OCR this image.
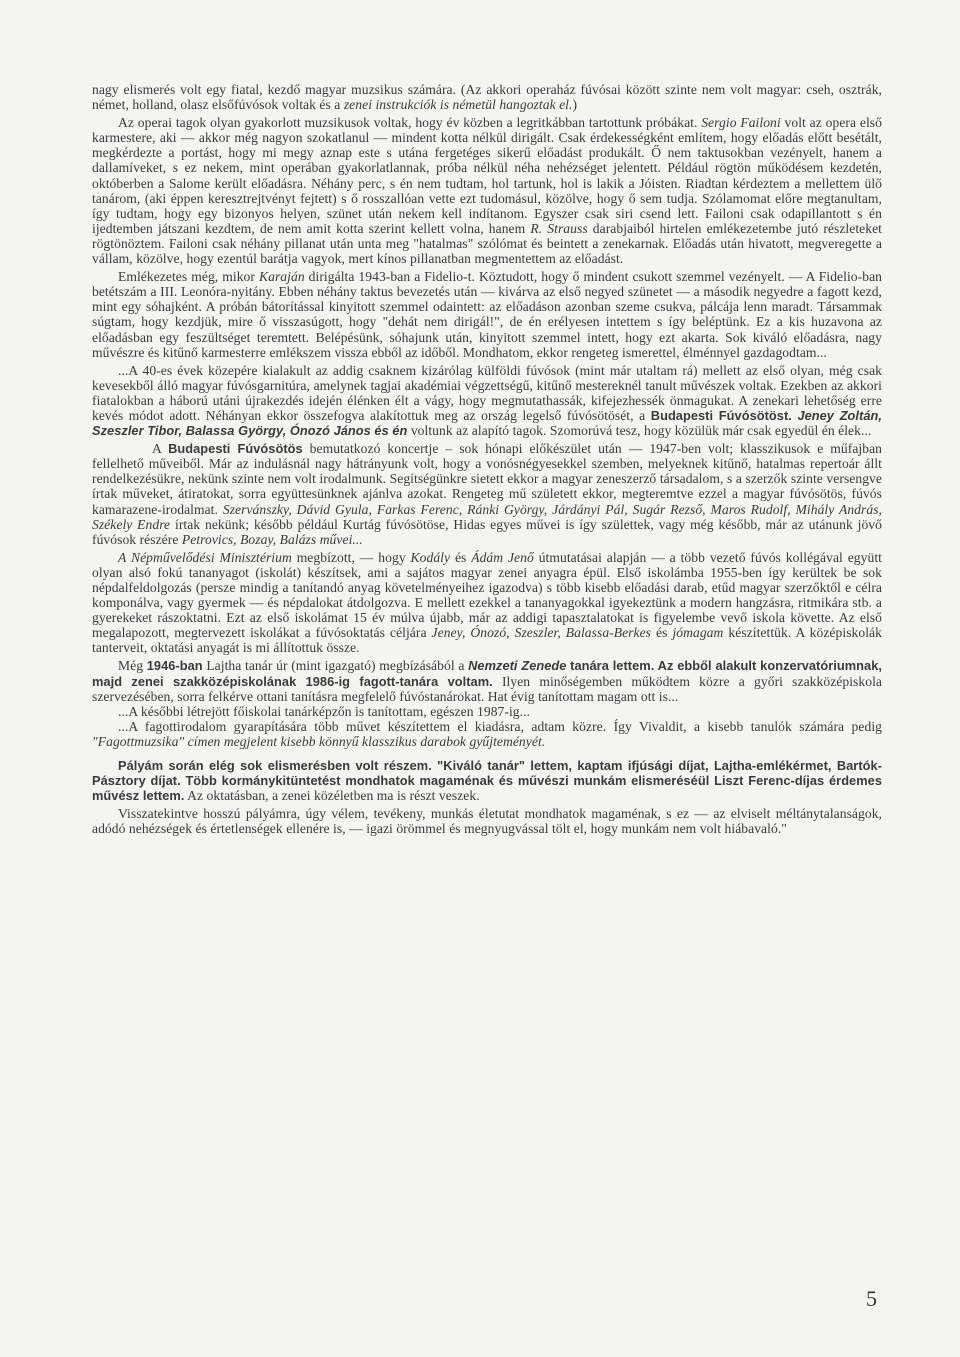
nagy elismerés volt egy fiatal, kezdő magyar muzsikus számára. (Az akkori operaház fúvósai között szinte nem volt magyar: cseh, osztrák, német, holland, olasz elsőfúvósok voltak és a zenei instrukciók is németül hangoztak el.)

Az operai tagok olyan gyakorlott muzsikusok voltak, hogy év közben a legritkábban tartottunk próbákat. Sergio Failoni volt az opera első karmestere, aki — akkor még nagyon szokatlanul — mindent kotta nélkül dirigált. Csak érdekességként említem, hogy előadás előtt besétált, megkérdezte a portást, hogy mi megy aznap este s utána fergetéges sikerű előadást produkált. Ő nem taktusokban vezényelt, hanem a dallamíveket, s ez nekem, mint operában gyakorlatlannak, próba nélkül néha nehézséget jelentett. Például rögtön működésem kezdetén, októberben a Salome került előadásra. Néhány perc, s én nem tudtam, hol tartunk, hol is lakik a Jóisten. Riadtan kérdeztem a mellettem ülő tanárom, (aki éppen keresztrejtvényt fejtett) s ő rosszallóan vette ezt tudomásul, közölve, hogy ő sem tudja. Szólamomat előre megtanultam, így tudtam, hogy egy bizonyos helyen, szünet után nekem kell indítanom. Egyszer csak siri csend lett. Failoni csak odapillantott s én ijedtemben játszani kezdtem, de nem amit kotta szerint kellett volna, hanem R. Strauss darabjaiból hirtelen emlékezetembe jutó részleteket rögtönöztem. Failoni csak néhány pillanat után unta meg "hatalmas" szólómat és beintett a zenekarnak. Előadás után hivatott, megveregette a vállam, közölve, hogy ezentúl barátja vagyok, mert kínos pillanatban megmentettem az előadást.

Emlékezetes még, mikor Karaján dirigálta 1943-ban a Fidelio-t. Köztudott, hogy ő mindent csukott szemmel vezényelt. — A Fidelio-ban betétszám a III. Leonóra-nyitány. Ebben néhány taktus bevezetés után — kivárva az első negyed szünetet — a második negyedre a fagott kezd, mint egy sóhajként. A próbán bátorítással kinyitott szemmel odaintett: az előadáson azonban szeme csukva, pálcája lenn maradt. Társammak súgtam, hogy kezdjük, mire ő visszasúgott, hogy "dehát nem dirigál!", de én erélyesen intettem s így beléptünk. Ez a kis huzavona az előadásban egy feszültséget teremtett. Belépésünk, sóhajunk után, kinyitott szemmel intett, hogy ezt akarta. Sok kiváló előadásra, nagy művészre és kitűnő karmesterre emlékszem vissza ebből az időből. Mondhatom, ekkor rengeteg ismerettel, élménnyel gazdagodtam...

...A 40-es évek közepére kialakult az addig csaknem kizárólag külföldi fúvósok (mint már utaltam rá) mellett az első olyan, még csak kevesekből álló magyar fúvósgarnitúra, amelynek tagjai akadémiai végzettségű, kitűnő mestereknél tanult művészek voltak. Ezekben az akkori fiatalokban a háború utáni újrakezdés idején élénken élt a vágy, hogy megmutathassák, kifejezhessék önmagukat. A zenekari lehetőség erre kevés módot adott. Néhányan ekkor összefogva alakítottuk meg az ország legelső fúvósötösét, a Budapesti Fúvósötöst. Jeney Zoltán, Szeszler Tibor, Balassa György, Ónozó János és én voltunk az alapító tagok. Szomorúvá tesz, hogy közülük már csak egyedül én élek...

A Budapesti Fúvósötös bemutatkozó koncertje – sok hónapi előkészület után — 1947-ben volt; klasszikusok e műfajban fellelhető műveiből. Már az indulásnál nagy hátrányunk volt, hogy a vonósnégyesekkel szemben, melyeknek kitűnő, hatalmas repertoár állt rendelkezésükre, nekünk szinte nem volt irodalmunk. Segítségünkre sietett ekkor a magyar zeneszerző társadalom, s a szerzők szinte versengve írtak műveket, átiratokat, sorra együttesünknek ajánlva azokat. Rengeteg mű született ekkor, megteremtve ezzel a magyar fúvósötös, fúvós kamarazene-irodalmat. Szervánszky, Dávid Gyula, Farkas Ferenc, Ránki György, Járdányi Pál, Sugár Rezső, Maros Rudolf, Mihály András, Székely Endre írtak nekünk; később például Kurtág fúvósötöse, Hidas egyes művei is így születtek, vagy még később, már az utánunk jövő fúvósok részére Petrovics, Bozay, Balázs művei...

A Népművelődési Minisztérium megbízott, — hogy Kodály és Ádám Jenő útmutatásai alapján — a több vezető fúvós kollégával együtt olyan alsó fokú tananyagot (iskolát) készítsek, ami a sajátos magyar zenei anyagra épül. Első iskolámba 1955-ben így kerültek be sok népdalfeldolgozás (persze mindig a tanítandó anyag követelményeihez igazodva) s több kisebb előadási darab, etűd magyar szerzőktől e célra komponálva, vagy gyermek — és népdalokat átdolgozva. E mellett ezekkel a tananyagokkal igyekeztünk a modern hangzásra, ritmikára stb. a gyerekeket rászoktatni. Ezt az első iskolámat 15 év múlva újabb, már az addigi tapasztalatokat is figyelembe vevő iskola követte. Az első megalapozott, megtervezett iskolákat a fúvósoktatás céljára Jeney, Ónozó, Szeszler, Balassa-Berkes és jómagam készítettük. A középiskolák tanterveit, oktatási anyagát is mi állítottuk össze.

Még 1946-ban Lajtha tanár úr (mint igazgató) megbízásából a Nemzeti Zenede tanára lettem. Az ebből alakult konzervatóriumnak, majd zenei szakközépiskolának 1986-ig fagott-tanára voltam. Ilyen minőségemben működtem közre a győri szakközépiskola szervezésében, sorra felkérve ottani tanításra megfelelő fúvóstanárokat. Hat évig tanítottam magam ott is...

...A későbbi létrejött főiskolai tanárképzőn is tanítottam, egészen 1987-ig...

...A fagottirodalom gyarapítására több művet készítettem el kiadásra, adtam közre. Így Vivaldit, a kisebb tanulók számára pedig "Fagottmuzsika" címen megjelent kisebb könnyű klasszikus darabok gyűjteményét.

Pályám során elég sok elismerésben volt részem. "Kiváló tanár" lettem, kaptam ifjúsági díjat, Lajtha-emlékérmet, Bartók-Pásztory díjat. Több kormánykitüntetést mondhatok magaménak és művészi munkám elismeréséül Liszt Ferenc-díjas érdemes művész lettem. Az oktatásban, a zenei közéletben ma is részt veszek.

Visszatekintve hosszú pályámra, úgy vélem, tevékeny, munkás életutat mondhatok magaménak, s ez — az elviselt méltánytalanságok, adódó nehézségek és értetlenségek ellenére is, — igazi örömmel és megnyugvással tölt el, hogy munkám nem volt hiábavaló."

5
